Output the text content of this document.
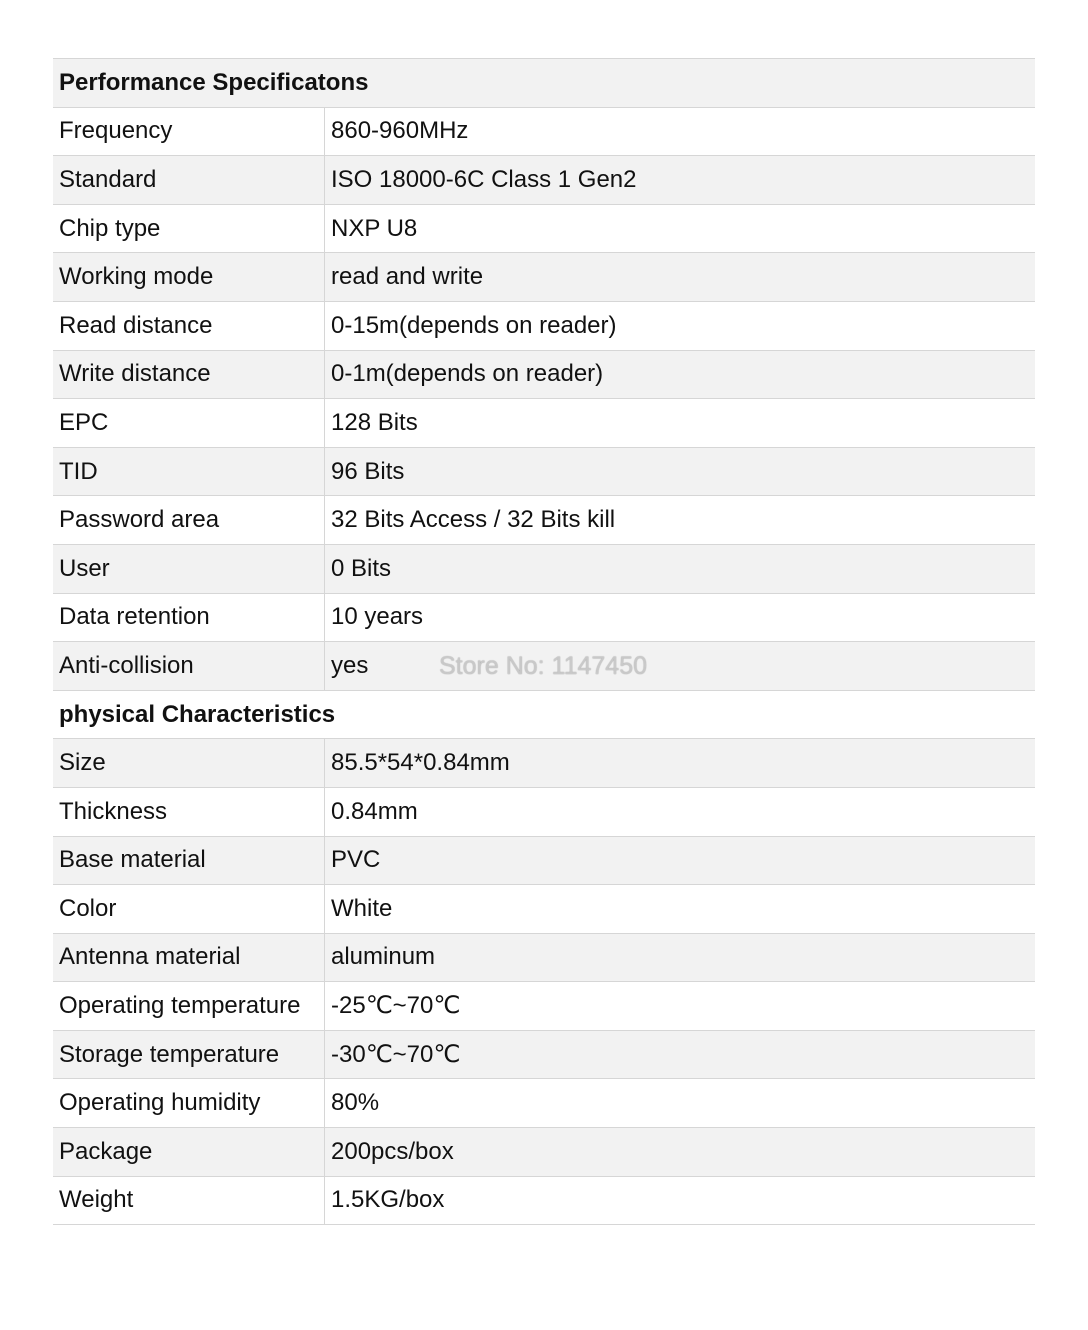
Performance Specificatons
Frequency	860-960MHz
Standard	ISO 18000-6C Class 1 Gen2
Chip type	NXP U8
Working mode	read and write
Read distance	0-15m(depends on reader)
Write distance	0-1m(depends on reader)
EPC	128 Bits
TID	96 Bits
Password area	32 Bits Access / 32 Bits kill
User	0 Bits
Data retention	10 years
Anti-collision	yes
physical Characteristics
Size	85.5*54*0.84mm
Thickness	0.84mm
Base material	PVC
Color	White
Antenna material	aluminum
Operating temperature	-25℃~70℃
Storage temperature	-30℃~70℃
Operating humidity	80%
Package	200pcs/box
Weight	1.5KG/box
Store No: 1147450
